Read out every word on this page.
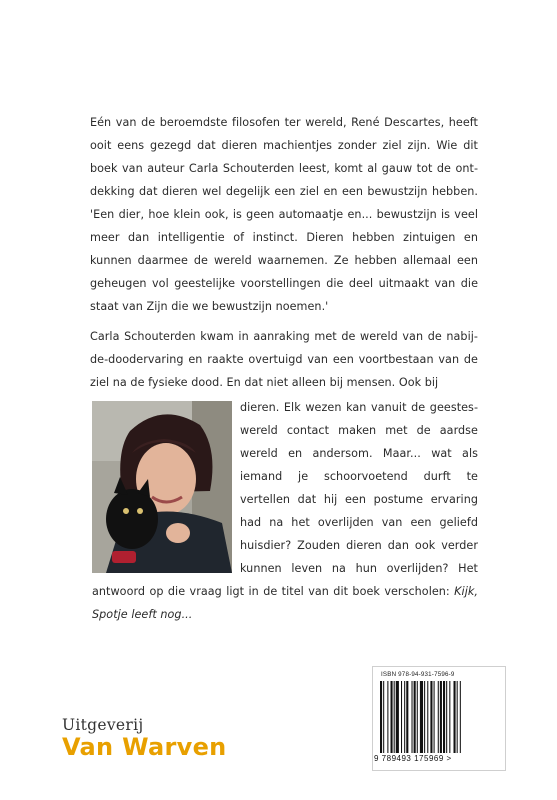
Eén van de beroemdste filosofen ter wereld, René Descartes, heeft ooit eens gezegd dat dieren machientjes zonder ziel zijn. Wie dit boek van auteur Carla Schouterden leest, komt al gauw tot de ontdekking dat dieren wel degelijk een ziel en een bewustzijn hebben. 'Een dier, hoe klein ook, is geen automaatje en... bewustzijn is veel meer dan intelligentie of instinct. Dieren hebben zintuigen en kunnen daarmee de wereld waarnemen. Ze hebben allemaal een geheugen vol geestelijke voorstellingen die deel uitmaakt van die staat van Zijn die we bewustzijn noemen.'

Carla Schouterden kwam in aanraking met de wereld van de nabij-de-doodervaring en raakte overtuigd van een voortbestaan van de ziel na de fysieke dood. En dat niet alleen bij mensen. Ook bij

dieren. Elk wezen kan vanuit de geesteswereld contact maken met de aardse wereld en andersom. Maar... wat als iemand je schoorvoetend durft te vertellen dat hij een postume ervaring had na het overlijden van een geliefd huisdier? Zouden dieren dan ook verder kunnen leven na hun overlijden? Het antwoord op die vraag ligt in de titel van dit boek verscholen: Kijk, Spotje leeft nog...

Uitgeverij
Van Warven
ISBN 978-94-931-7596-9
9 789493 175969 >
